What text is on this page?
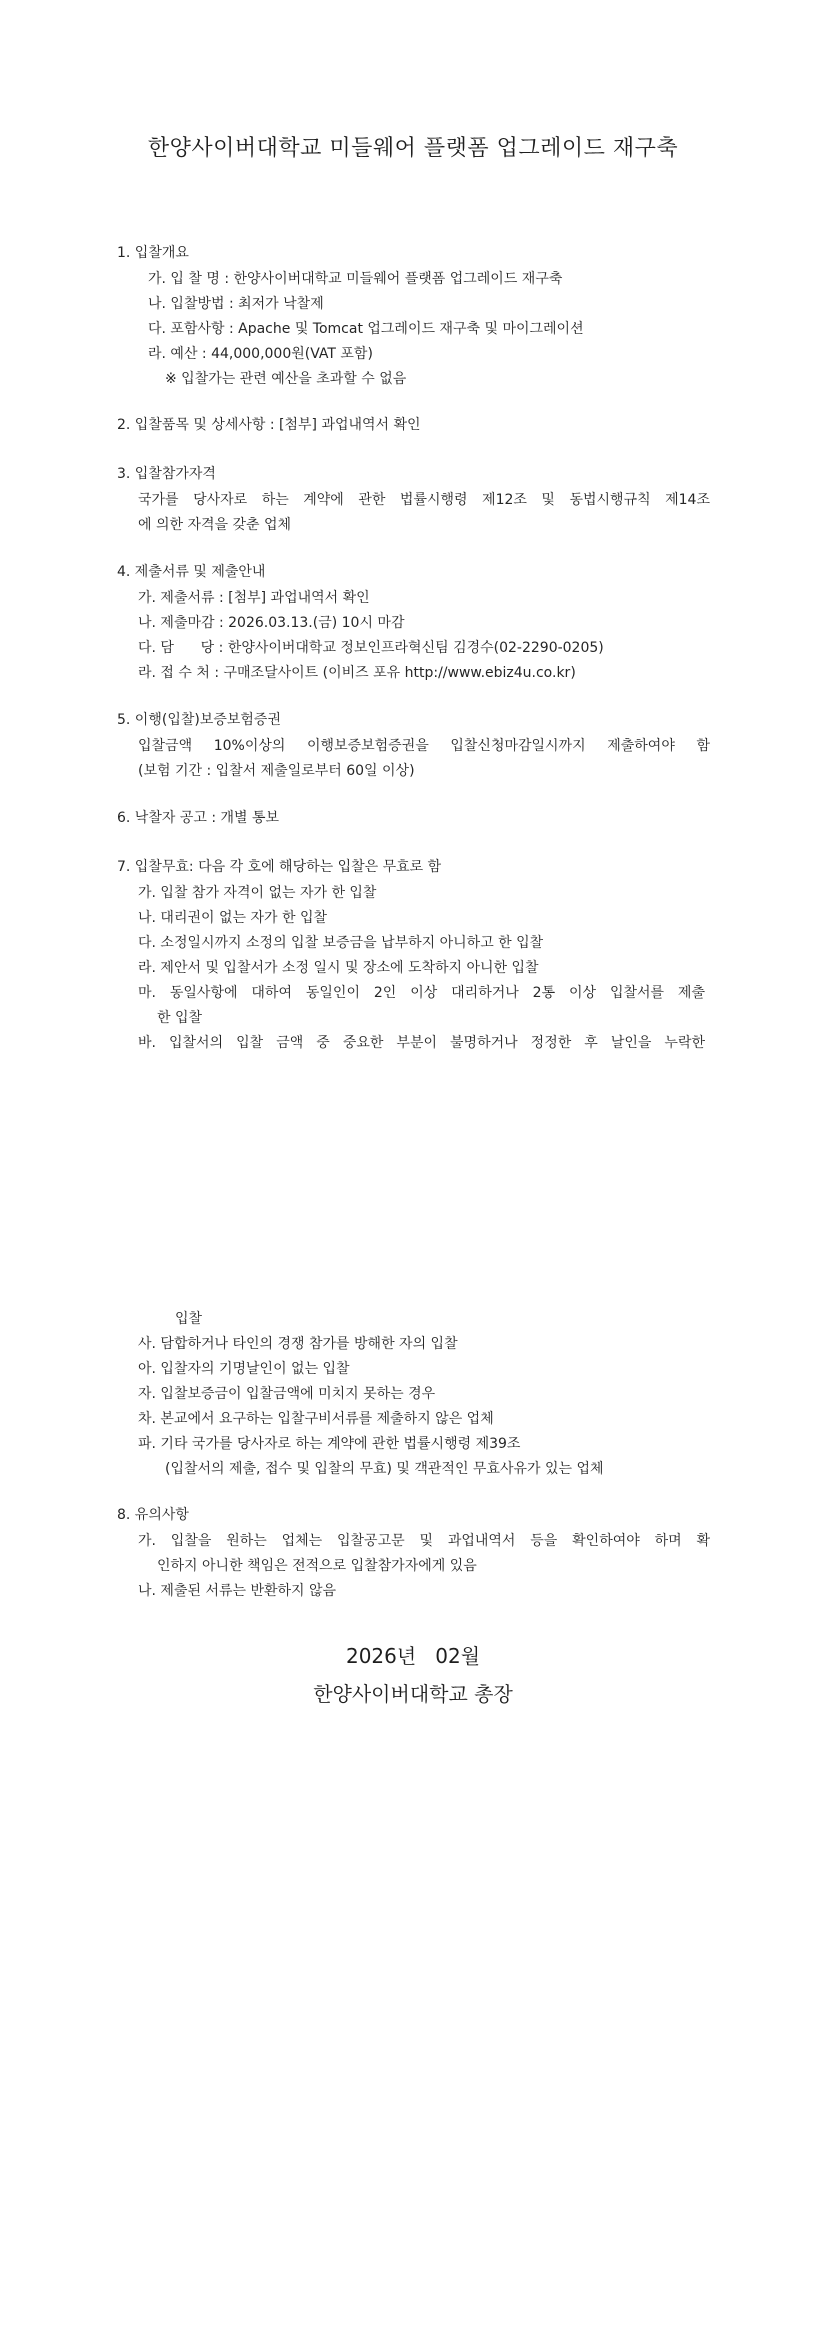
한양사이버대학교 미들웨어 플랫폼 업그레이드 재구축
1. 입찰개요
가. 입 찰 명 : 한양사이버대학교 미들웨어 플랫폼 업그레이드 재구축
나. 입찰방법 : 최저가 낙찰제
다. 포함사항 : Apache 및 Tomcat 업그레이드 재구축 및 마이그레이션
라. 예산 : 44,000,000원(VAT 포함)
※ 입찰가는 관련 예산을 초과할 수 없음
2. 입찰품목 및 상세사항 : [첨부] 과업내역서 확인
3. 입찰참가자격
국가를 당사자로 하는 계약에 관한 법률시행령 제12조 및 동법시행규칙 제14조
에 의한 자격을 갖춘 업체
4. 제출서류 및 제출안내
가. 제출서류 : [첨부] 과업내역서 확인
나. 제출마감 : 2026.03.13.(금) 10시 마감
다. 담      당 : 한양사이버대학교 정보인프라혁신팀 김경수(02-2290-0205)
라. 접 수 처 : 구매조달사이트 (이비즈 포유 http://www.ebiz4u.co.kr)
5. 이행(입찰)보증보험증권
입찰금액 10%이상의 이행보증보험증권을 입찰신청마감일시까지 제출하여야 함
(보험 기간 : 입찰서 제출일로부터 60일 이상)
6. 낙찰자 공고 : 개별 통보
7. 입찰무효: 다음 각 호에 해당하는 입찰은 무효로 함
가. 입찰 참가 자격이 없는 자가 한 입찰
나. 대리권이 없는 자가 한 입찰
다. 소정일시까지 소정의 입찰 보증금을 납부하지 아니하고 한 입찰
라. 제안서 및 입찰서가 소정 일시 및 장소에 도착하지 아니한 입찰
마. 동일사항에 대하여 동일인이 2인 이상 대리하거나 2통 이상 입찰서를 제출
한 입찰
바. 입찰서의 입찰 금액 중 중요한 부분이 불명하거나 정정한 후 날인을 누락한
입찰
사. 담합하거나 타인의 경쟁 참가를 방해한 자의 입찰
아. 입찰자의 기명날인이 없는 입찰
자. 입찰보증금이 입찰금액에 미치지 못하는 경우
차. 본교에서 요구하는 입찰구비서류를 제출하지 않은 업체
파. 기타 국가를 당사자로 하는 계약에 관한 법률시행령 제39조
(입찰서의 제출, 접수 및 입찰의 무효) 및 객관적인 무효사유가 있는 업체
8. 유의사항
가. 입찰을 원하는 업체는 입찰공고문 및 과업내역서 등을 확인하여야 하며 확
인하지 아니한 책임은 전적으로 입찰참가자에게 있음
나. 제출된 서류는 반환하지 않음
2026년   02월
한양사이버대학교 총장
